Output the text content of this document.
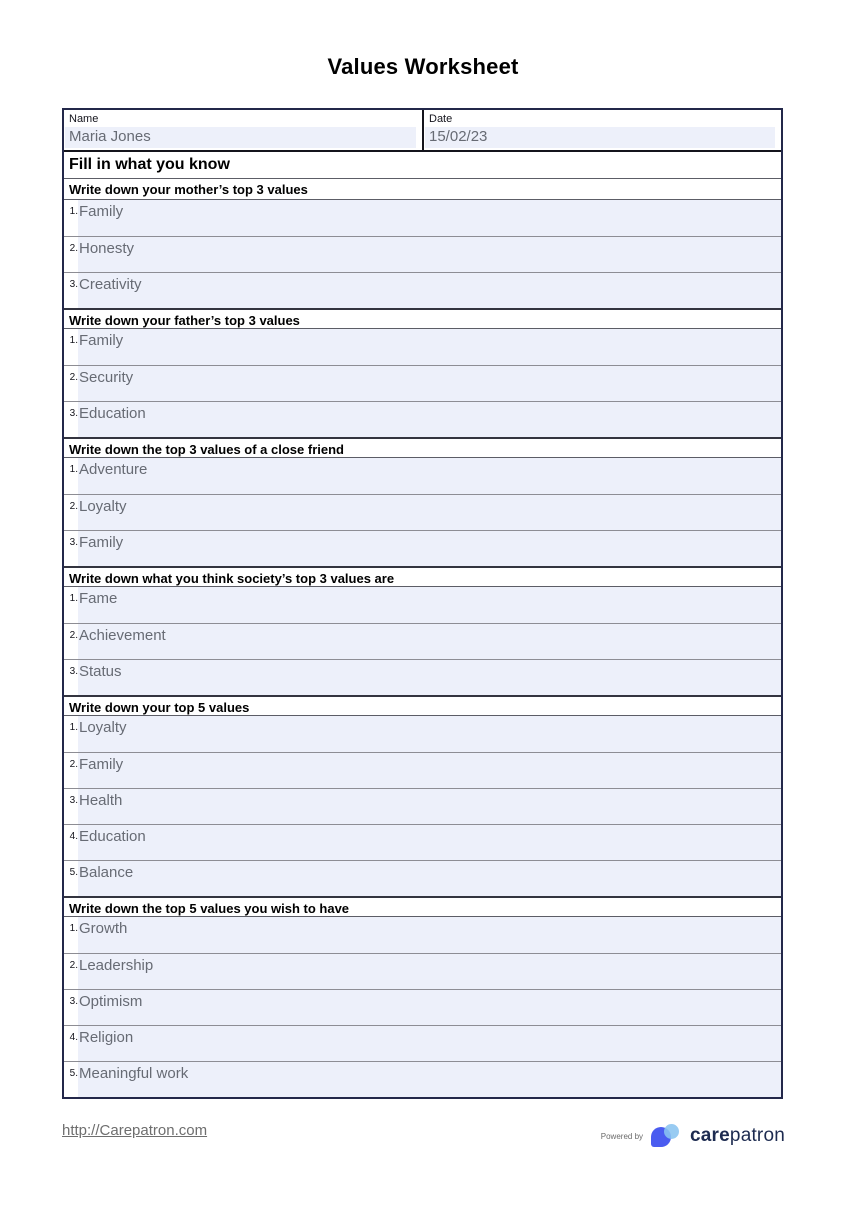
Values Worksheet
Name
Maria Jones
Date
15/02/23
Fill in what you know
Write down your mother’s top 3 values
1. Family
2. Honesty
3. Creativity
Write down your father’s top 3 values
1. Family
2. Security
3. Education
Write down the top 3 values of a close friend
1. Adventure
2. Loyalty
3. Family
Write down what you think society’s top 3 values are
1. Fame
2. Achievement
3. Status
Write down your top 5 values
1. Loyalty
2. Family
3. Health
4. Education
5. Balance
Write down the top 5 values you wish to have
1. Growth
2. Leadership
3. Optimism
4. Religion
5. Meaningful work
http://Carepatron.com	Powered by carepatron
